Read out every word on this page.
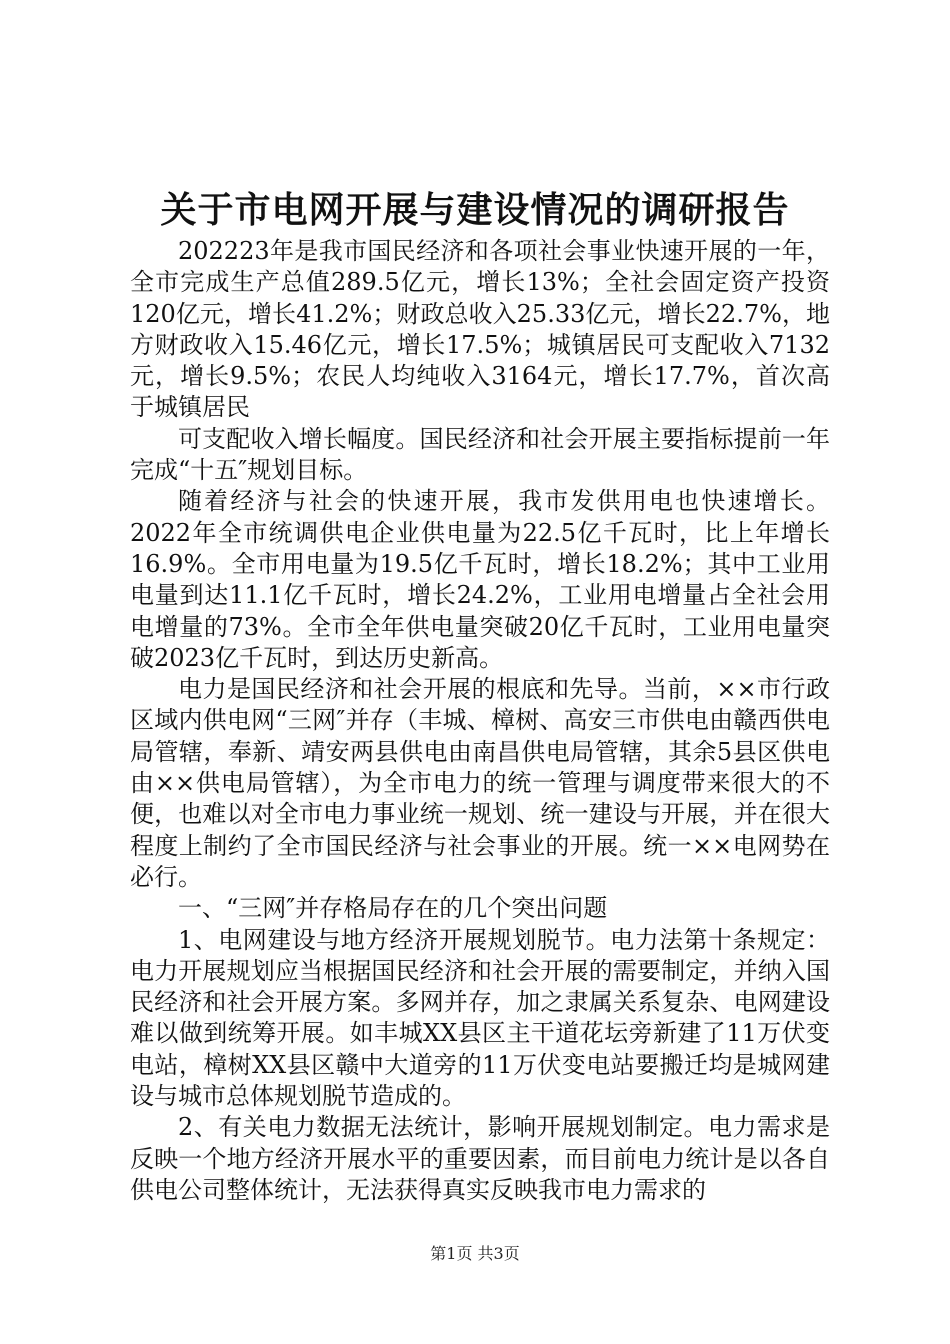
关于市电网开展与建设情况的调研报告

202223年是我市国民经济和各项社会事业快速开展的一年，全市完成生产总值289.5亿元，增长13%；全社会固定资产投资120亿元，增长41.2%；财政总收入25.33亿元，增长22.7%，地方财政收入15.46亿元，增长17.5%；城镇居民可支配收入7132元，增长9.5%；农民人均纯收入3164元，增长17.7%，首次高于城镇居民

可支配收入增长幅度。国民经济和社会开展主要指标提前一年完成“十五″规划目标。

随着经济与社会的快速开展，我市发供用电也快速增长。2022年全市统调供电企业供电量为22.5亿千瓦时，比上年增长16.9%。全市用电量为19.5亿千瓦时，增长18.2%；其中工业用电量到达11.1亿千瓦时，增长24.2%，工业用电增量占全社会用电增量的73%。全市全年供电量突破20亿千瓦时，工业用电量突破2023亿千瓦时，到达历史新高。

电力是国民经济和社会开展的根底和先导。当前，××市行政区域内供电网“三网″并存（丰城、樟树、高安三市供电由赣西供电局管辖，奉新、靖安两县供电由南昌供电局管辖，其余5县区供电由××供电局管辖），为全市电力的统一管理与调度带来很大的不便，也难以对全市电力事业统一规划、统一建设与开展，并在很大程度上制约了全市国民经济与社会事业的开展。统一××电网势在必行。

一、“三网″并存格局存在的几个突出问题

1、电网建设与地方经济开展规划脱节。电力法第十条规定：电力开展规划应当根据国民经济和社会开展的需要制定，并纳入国民经济和社会开展方案。多网并存，加之隶属关系复杂、电网建设难以做到统筹开展。如丰城XX县区主干道花坛旁新建了11万伏变电站，樟树XX县区赣中大道旁的11万伏变电站要搬迁均是城网建设与城市总体规划脱节造成的。

2、有关电力数据无法统计，影响开展规划制定。电力需求是反映一个地方经济开展水平的重要因素，而目前电力统计是以各自供电公司整体统计，无法获得真实反映我市电力需求的

第1页 共3页
